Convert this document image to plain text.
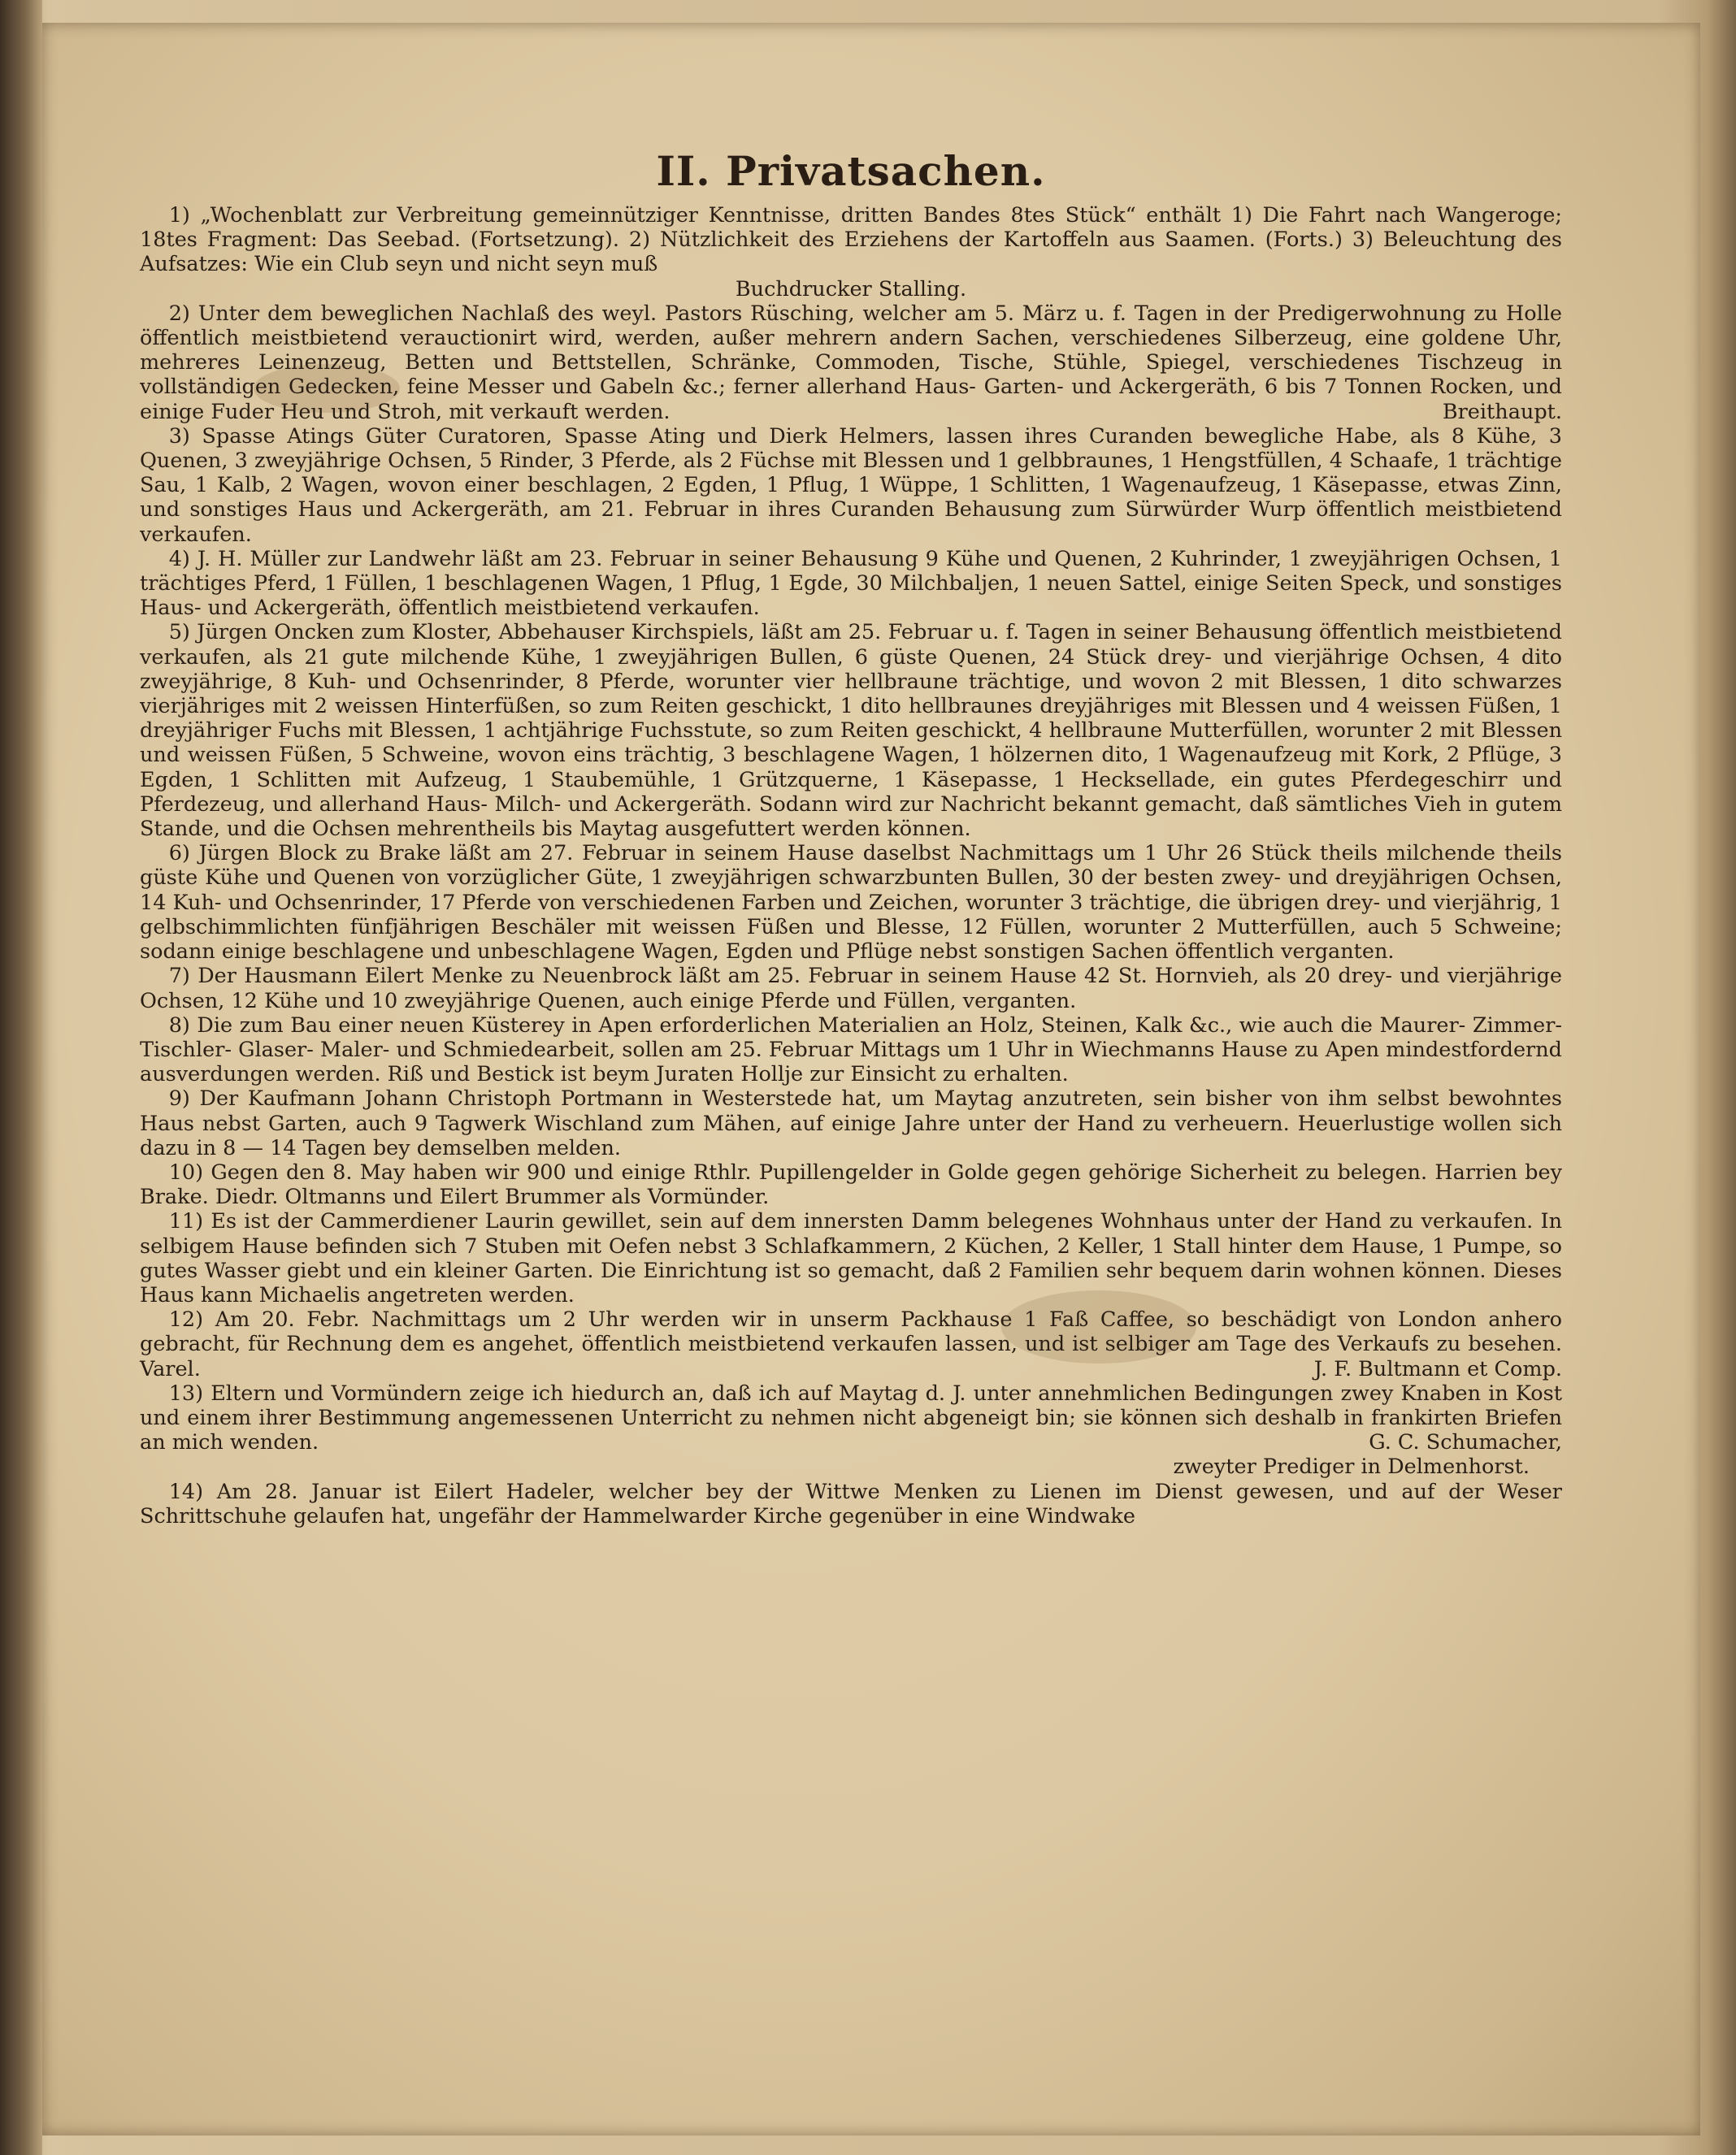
II. Privatsachen.

1) „Wochenblatt zur Verbreitung gemeinnütziger Kenntnisse, dritten Bandes 8tes Stück“ enthält 1) Die Fahrt nach Wangeroge; 18tes Fragment: Das Seebad. (Fortsetzung). 2) Nützlichkeit des Erziehens der Kartoffeln aus Saamen. (Forts.) 3) Beleuchtung des Aufsatzes: Wie ein Club seyn und nicht seyn muß
Buchdrucker Stalling.

2) Unter dem beweglichen Nachlaß des weyl. Pastors Rüsching, welcher am 5. März u. f. Tagen in der Predigerwohnung zu Holle öffentlich meistbietend verauctionirt wird, werden, außer mehrern andern Sachen, verschiedenes Silberzeug, eine goldene Uhr, mehreres Leinenzeug, Betten und Bettstellen, Schränke, Commoden, Tische, Stühle, Spiegel, verschiedenes Tischzeug in vollständigen Gedecken, feine Messer und Gabeln &c.; ferner allerhand Haus- Garten- und Ackergeräth, 6 bis 7 Tonnen Rocken, und einige Fuder Heu und Stroh, mit verkauft werden.	Breithaupt.

3) Spasse Atings Güter Curatoren, Spasse Ating und Dierk Helmers, lassen ihres Curanden bewegliche Habe, als 8 Kühe, 3 Quenen, 3 zweyjährige Ochsen, 5 Rinder, 3 Pferde, als 2 Füchse mit Blessen und 1 gelbbraunes, 1 Hengstfüllen, 4 Schaafe, 1 trächtige Sau, 1 Kalb, 2 Wagen, wovon einer beschlagen, 2 Egden, 1 Pflug, 1 Wüppe, 1 Schlitten, 1 Wagenaufzeug, 1 Käsepasse, etwas Zinn, und sonstiges Haus und Ackergeräth, am 21. Februar in ihres Curanden Behausung zum Sürwürder Wurp öffentlich meistbietend verkaufen.

4) J. H. Müller zur Landwehr läßt am 23. Februar in seiner Behausung 9 Kühe und Quenen, 2 Kuhrinder, 1 zweyjährigen Ochsen, 1 trächtiges Pferd, 1 Füllen, 1 beschlagenen Wagen, 1 Pflug, 1 Egde, 30 Milchbaljen, 1 neuen Sattel, einige Seiten Speck, und sonstiges Haus- und Ackergeräth, öffentlich meistbietend verkaufen.

5) Jürgen Oncken zum Kloster, Abbehauser Kirchspiels, läßt am 25. Februar u. f. Tagen in seiner Behausung öffentlich meistbietend verkaufen, als 21 gute milchende Kühe, 1 zweyjährigen Bullen, 6 güste Quenen, 24 Stück drey- und vierjährige Ochsen, 4 dito zweyjährige, 8 Kuh- und Ochsenrinder, 8 Pferde, worunter vier hellbraune trächtige, und wovon 2 mit Blessen, 1 dito schwarzes vierjähriges mit 2 weissen Hinterfüßen, so zum Reiten geschickt, 1 dito hellbraunes dreyjähriges mit Blessen und 4 weissen Füßen, 1 dreyjähriger Fuchs mit Blessen, 1 achtjährige Fuchsstute, so zum Reiten geschickt, 4 hellbraune Mutterfüllen, worunter 2 mit Blessen und weissen Füßen, 5 Schweine, wovon eins trächtig, 3 beschlagene Wagen, 1 hölzernen dito, 1 Wagenaufzeug mit Kork, 2 Pflüge, 3 Egden, 1 Schlitten mit Aufzeug, 1 Staubemühle, 1 Grützquerne, 1 Käsepasse, 1 Hecksellade, ein gutes Pferdegeschirr und Pferdezeug, und allerhand Haus- Milch- und Ackergeräth. Sodann wird zur Nachricht bekannt gemacht, daß sämtliches Vieh in gutem Stande, und die Ochsen mehrentheils bis Maytag ausgefuttert werden können.

6) Jürgen Block zu Brake läßt am 27. Februar in seinem Hause daselbst Nachmittags um 1 Uhr 26 Stück theils milchende theils güste Kühe und Quenen von vorzüglicher Güte, 1 zweyjährigen schwarzbunten Bullen, 30 der besten zwey- und dreyjährigen Ochsen, 14 Kuh- und Ochsenrinder, 17 Pferde von verschiedenen Farben und Zeichen, worunter 3 trächtige, die übrigen drey- und vierjährig, 1 gelbschimmlichten fünfjährigen Beschäler mit weissen Füßen und Blesse, 12 Füllen, worunter 2 Mutterfüllen, auch 5 Schweine; sodann einige beschlagene und unbeschlagene Wagen, Egden und Pflüge nebst sonstigen Sachen öffentlich verganten.

7) Der Hausmann Eilert Menke zu Neuenbrock läßt am 25. Februar in seinem Hause 42 St. Hornvieh, als 20 drey- und vierjährige Ochsen, 12 Kühe und 10 zweyjährige Quenen, auch einige Pferde und Füllen, verganten.

8) Die zum Bau einer neuen Küsterey in Apen erforderlichen Materialien an Holz, Steinen, Kalk &c., wie auch die Maurer- Zimmer- Tischler- Glaser- Maler- und Schmiedearbeit, sollen am 25. Februar Mittags um 1 Uhr in Wiechmanns Hause zu Apen mindestfordernd ausverdungen werden. Riß und Bestick ist beym Juraten Hollje zur Einsicht zu erhalten.

9) Der Kaufmann Johann Christoph Portmann in Westerstede hat, um Maytag anzutreten, sein bisher von ihm selbst bewohntes Haus nebst Garten, auch 9 Tagwerk Wischland zum Mähen, auf einige Jahre unter der Hand zu verheuern. Heuerlustige wollen sich dazu in 8 — 14 Tagen bey demselben melden.

10) Gegen den 8. May haben wir 900 und einige Rthlr. Pupillengelder in Golde gegen gehörige Sicherheit zu belegen. Harrien bey Brake. Diedr. Oltmanns und Eilert Brummer als Vormünder.

11) Es ist der Cammerdiener Laurin gewillet, sein auf dem innersten Damm belegenes Wohnhaus unter der Hand zu verkaufen. In selbigem Hause befinden sich 7 Stuben mit Oefen nebst 3 Schlafkammern, 2 Küchen, 2 Keller, 1 Stall hinter dem Hause, 1 Pumpe, so gutes Wasser giebt und ein kleiner Garten. Die Einrichtung ist so gemacht, daß 2 Familien sehr bequem darin wohnen können. Dieses Haus kann Michaelis angetreten werden.

12) Am 20. Febr. Nachmittags um 2 Uhr werden wir in unserm Packhause 1 Faß Caffee, so beschädigt von London anhero gebracht, für Rechnung dem es angehet, öffentlich meistbietend verkaufen lassen, und ist selbiger am Tage des Verkaufs zu besehen. Varel.	J. F. Bultmann et Comp.

13) Eltern und Vormündern zeige ich hiedurch an, daß ich auf Maytag d. J. unter annehmlichen Bedingungen zwey Knaben in Kost und einem ihrer Bestimmung angemessenen Unterricht zu nehmen nicht abgeneigt bin; sie können sich deshalb in frankirten Briefen an mich wenden.	G. C. Schumacher,
zweyter Prediger in Delmenhorst.

14) Am 28. Januar ist Eilert Hadeler, welcher bey der Wittwe Menken zu Lienen im Dienst gewesen, und auf der Weser Schrittschuhe gelaufen hat, ungefähr der Hammelwarder Kirche gegenüber in eine Windwake
